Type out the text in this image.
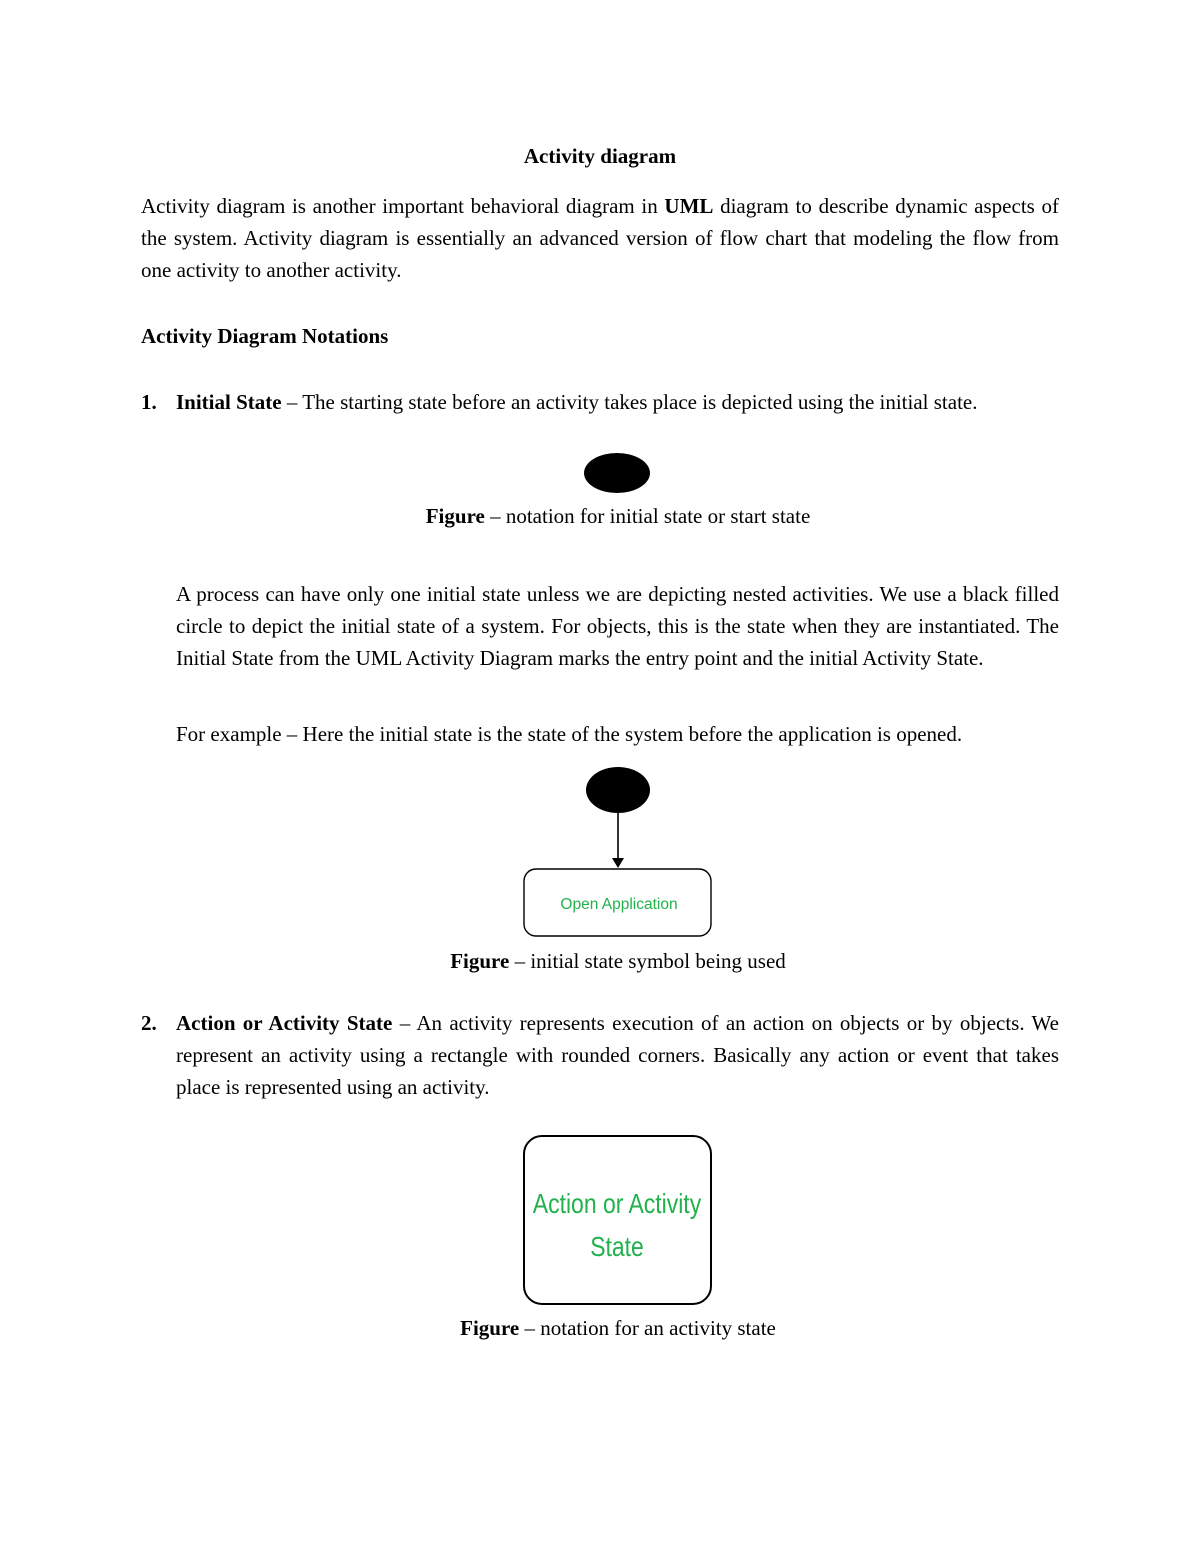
Activity diagram
Activity diagram is another important behavioral diagram in UML diagram to describe dynamic aspects of the system. Activity diagram is essentially an advanced version of flow chart that modeling the flow from one activity to another activity.
Activity Diagram Notations
1. Initial State – The starting state before an activity takes place is depicted using the initial state.
Open Application
Action or Activity
State
Figure – notation for initial state or start state
A process can have only one initial state unless we are depicting nested activities. We use a black filled circle to depict the initial state of a system. For objects, this is the state when they are instantiated. The Initial State from the UML Activity Diagram marks the entry point and the initial Activity State.
For example – Here the initial state is the state of the system before the application is opened.
Figure – initial state symbol being used
2. Action or Activity State – An activity represents execution of an action on objects or by objects. We represent an activity using a rectangle with rounded corners. Basically any action or event that takes place is represented using an activity.
Figure – notation for an activity state
